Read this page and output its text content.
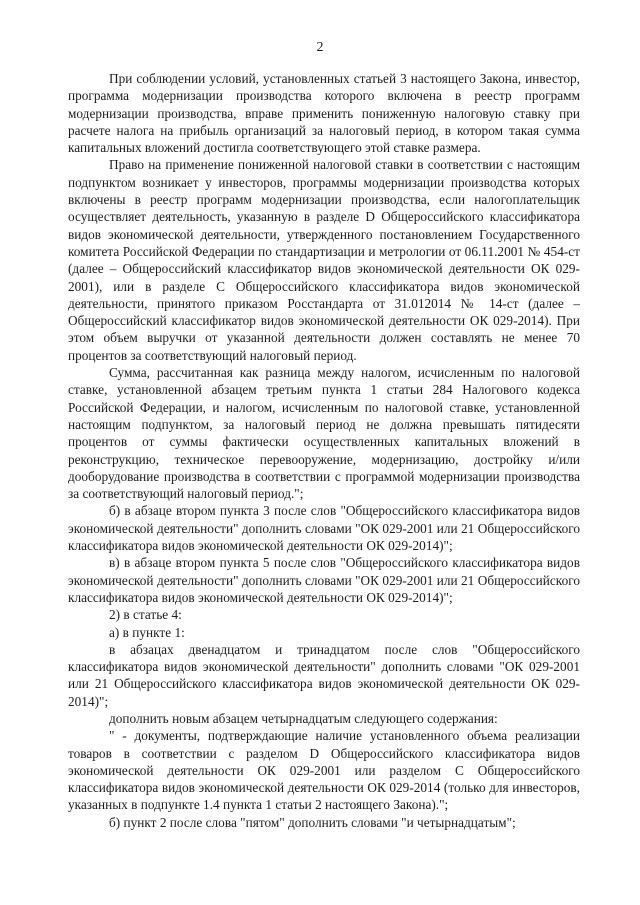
2

При соблюдении условий, установленных статьей 3 настоящего Закона, инвестор, программа модернизации производства которого включена в реестр программ модернизации производства, вправе применить пониженную налоговую ставку при расчете налога на прибыль организаций за налоговый период, в котором такая сумма капитальных вложений достигла соответствующего этой ставке размера.

Право на применение пониженной налоговой ставки в соответствии с настоящим подпунктом возникает у инвесторов, программы модернизации производства которых включены в реестр программ модернизации производства, если налогоплательщик осуществляет деятельность, указанную в разделе D Общероссийского классификатора видов экономической деятельности, утвержденного постановлением Государственного комитета Российской Федерации по стандартизации и метрологии от 06.11.2001 № 454-ст (далее – Общероссийский классификатор видов экономической деятельности ОК 029-2001), или в разделе С Общероссийского классификатора видов экономической деятельности, принятого приказом Росстандарта от 31.012014 № 14-ст (далее – Общероссийский классификатор видов экономической деятельности ОК 029-2014). При этом объем выручки от указанной деятельности должен составлять не менее 70 процентов за соответствующий налоговый период.

Сумма, рассчитанная как разница между налогом, исчисленным по налоговой ставке, установленной абзацем третьим пункта 1 статьи 284 Налогового кодекса Российской Федерации, и налогом, исчисленным по налоговой ставке, установленной настоящим подпунктом, за налоговый период не должна превышать пятидесяти процентов от суммы фактически осуществленных капитальных вложений в реконструкцию, техническое перевооружение, модернизацию, достройку и/или дооборудование производства в соответствии с программой модернизации производства за соответствующий налоговый период.";

б) в абзаце втором пункта 3 после слов "Общероссийского классификатора видов экономической деятельности" дополнить словами "ОК 029-2001 или 21 Общероссийского классификатора видов экономической деятельности ОК 029-2014)";

в) в абзаце втором пункта 5 после слов "Общероссийского классификатора видов экономической деятельности" дополнить словами "ОК 029-2001 или 21 Общероссийского классификатора видов экономической деятельности ОК 029-2014)";

2) в статье 4:

а) в пункте 1:

в абзацах двенадцатом и тринадцатом после слов "Общероссийского классификатора видов экономической деятельности" дополнить словами "ОК 029-2001 или 21 Общероссийского классификатора видов экономической деятельности ОК 029-2014)";

дополнить новым абзацем четырнадцатым следующего содержания:

" - документы, подтверждающие наличие установленного объема реализации товаров в соответствии с разделом D Общероссийского классификатора видов экономической деятельности ОК 029-2001 или разделом С Общероссийского классификатора видов экономической деятельности ОК 029-2014 (только для инвесторов, указанных в подпункте 1.4 пункта 1 статьи 2 настоящего Закона).";

б) пункт 2 после слова "пятом" дополнить словами "и четырнадцатым";
